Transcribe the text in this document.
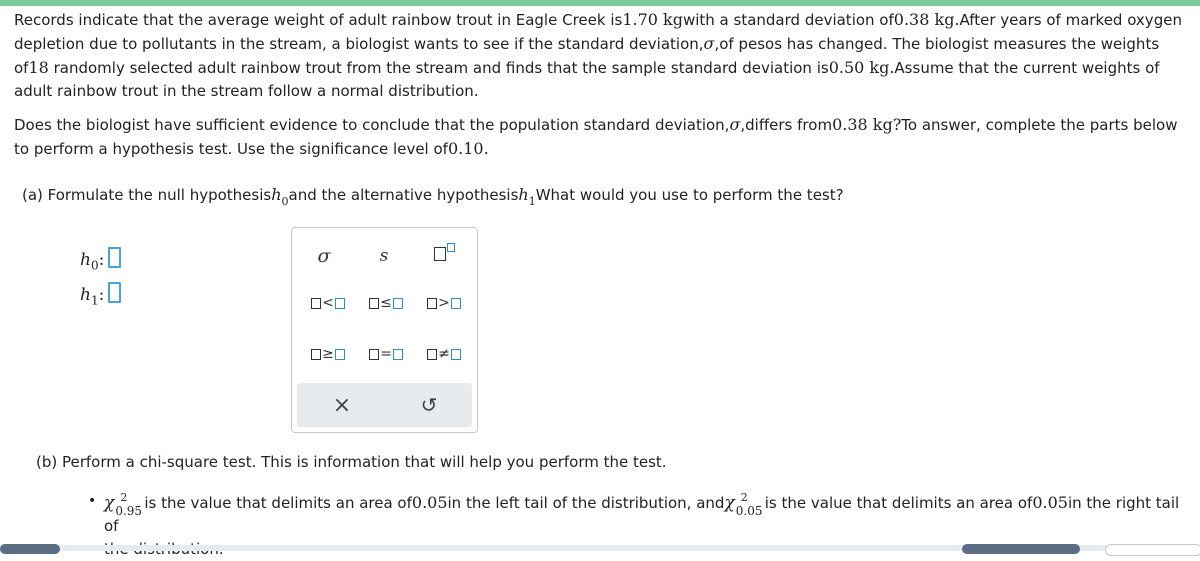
Records indicate that the average weight of adult rainbow trout in Eagle Creek is1.70 kgwith a standard deviation of0.38 kg.After years of marked oxygen depletion due to pollutants in the stream, a biologist wants to see if the standard deviation,σ,of pesos has changed. The biologist measures the weights of18 randomly selected adult rainbow trout from the stream and finds that the sample standard deviation is0.50 kg.Assume that the current weights of adult rainbow trout in the stream follow a normal distribution.

Does the biologist have sufficient evidence to conclude that the population standard deviation,σ,differs from0.38 kg?To answer, complete the parts below to perform a hypothesis test. Use the significance level of0.10.

(a) Formulate the null hypothesish$_0$and the alternative hypothesish$_1$What would you use to perform the test?

$h_0$:
$h_1$:
σ	s
<	≤	>
≥	=	≠
×	↺

(b) Perform a chi-square test. This is information that will help you perform the test.

• χ 2
0.95 is the value that delimits an area of0.05in the left tail of the distribution, andχ 2
0.05 is the value that delimits an area of0.05in the right tail of
